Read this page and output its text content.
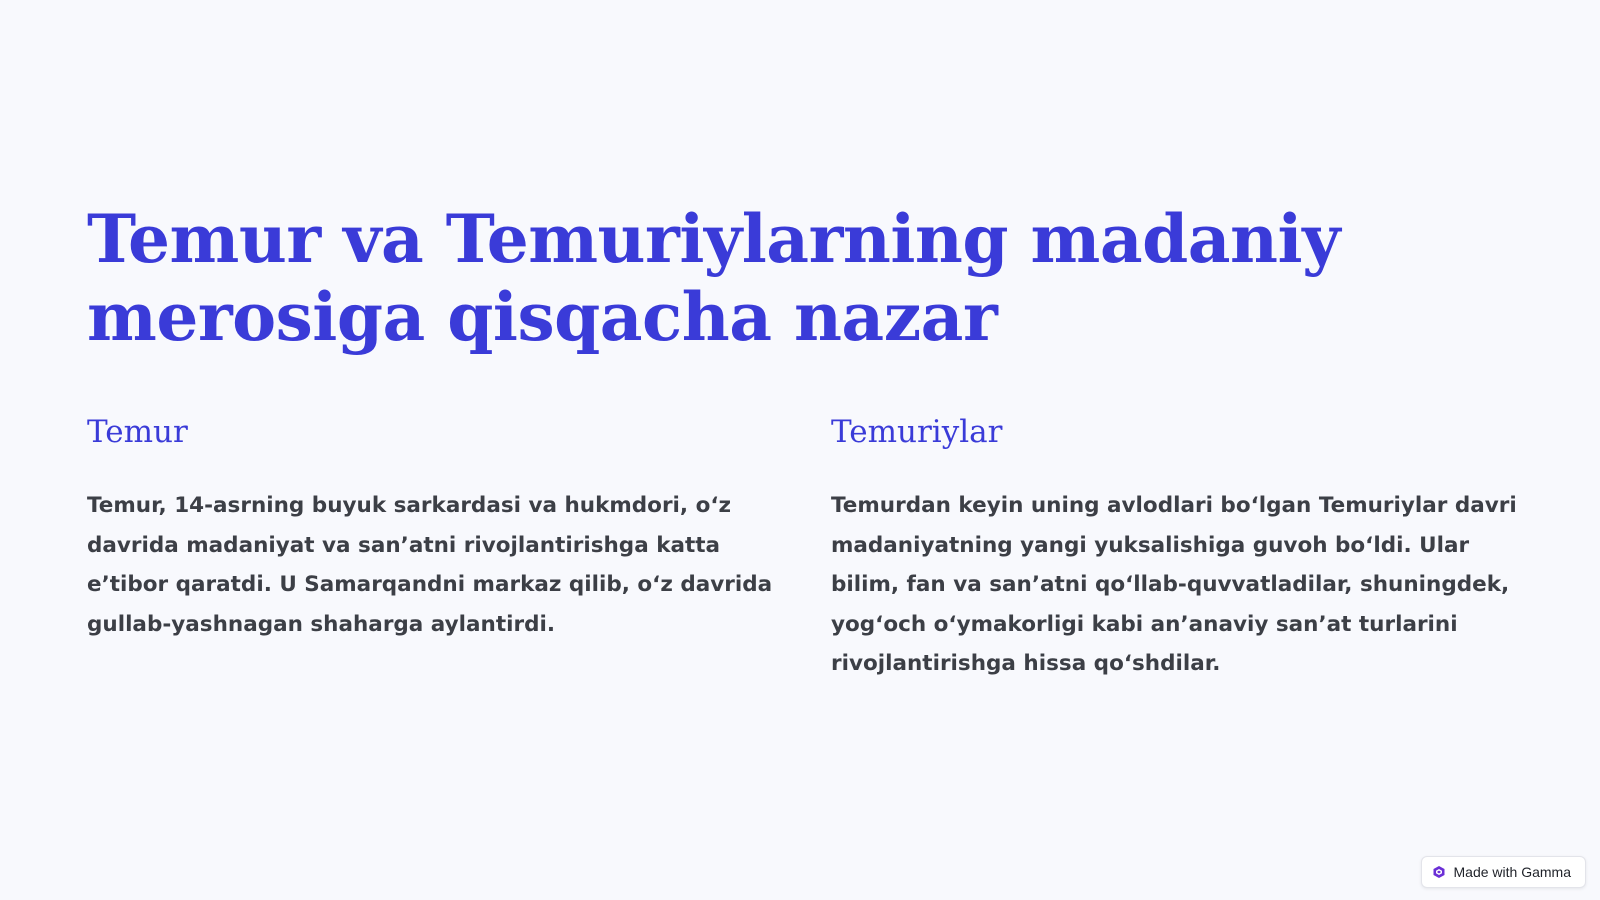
Temur va Temuriylarning madaniy merosiga qisqacha nazar
Temur

Temur, 14-asrning buyuk sarkardasi va hukmdori, o‘z davrida madaniyat va san’atni rivojlantirishga katta e’tibor qaratdi. U Samarqandni markaz qilib, o‘z davrida gullab-yashnagan shaharga aylantirdi.

Temuriylar

Temurdan keyin uning avlodlari bo‘lgan Temuriylar davri madaniyatning yangi yuksalishiga guvoh bo‘ldi. Ular bilim, fan va san’atni qo‘llab-quvvatladilar, shuningdek, yog‘och o‘ymakorligi kabi an’anaviy san’at turlarini rivojlantirishga hissa qo‘shdilar.

Made with Gamma
